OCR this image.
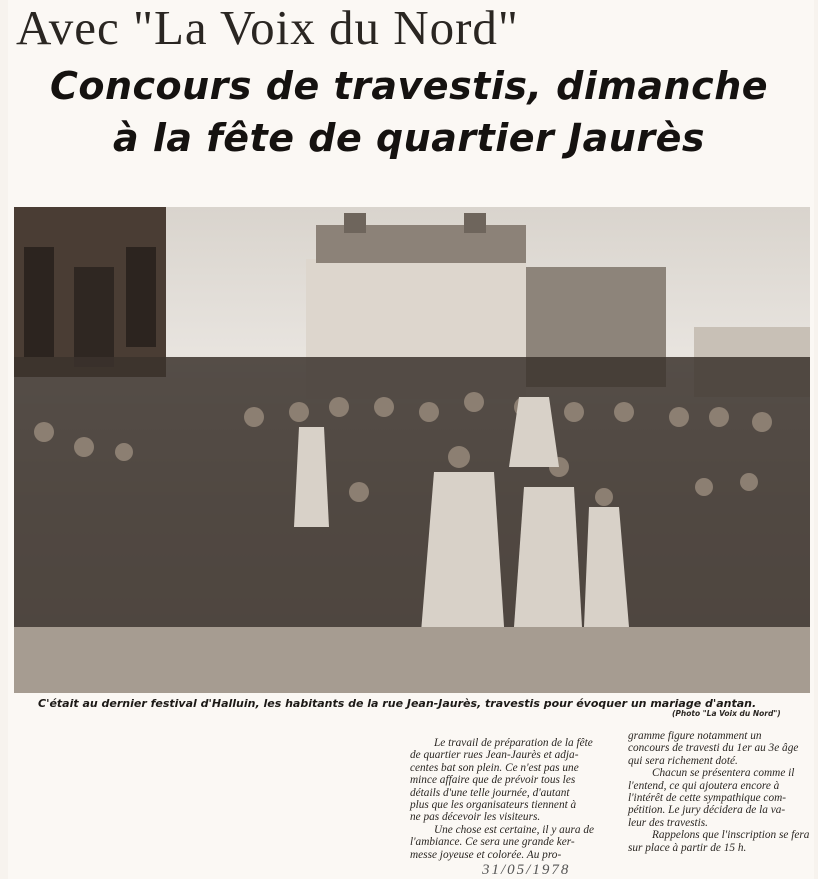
Avec "La Voix du Nord"
Concours de travestis, dimanche
à la fête de quartier Jaurès
C'était au dernier festival d'Halluin, les habitants de la rue Jean-Jaurès, travestis pour évoquer un mariage d'antan.
(Photo "La Voix du Nord")
Le travail de préparation de la fête
de quartier rues Jean-Jaurès et adja-
centes bat son plein. Ce n'est pas une
mince affaire que de prévoir tous les
détails d'une telle journée, d'autant
plus que les organisateurs tiennent à
ne pas décevoir les visiteurs.
Une chose est certaine, il y aura de
l'ambiance. Ce sera une grande ker-
messe joyeuse et colorée. Au pro-
gramme figure notamment un
concours de travesti du 1er au 3e âge
qui sera richement doté.
Chacun se présentera comme il
l'entend, ce qui ajoutera encore à
l'intérêt de cette sympathique com-
pétition. Le jury décidera de la va-
leur des travestis.
Rappelons que l'inscription se fera
sur place à partir de 15 h.
31/05/1978
